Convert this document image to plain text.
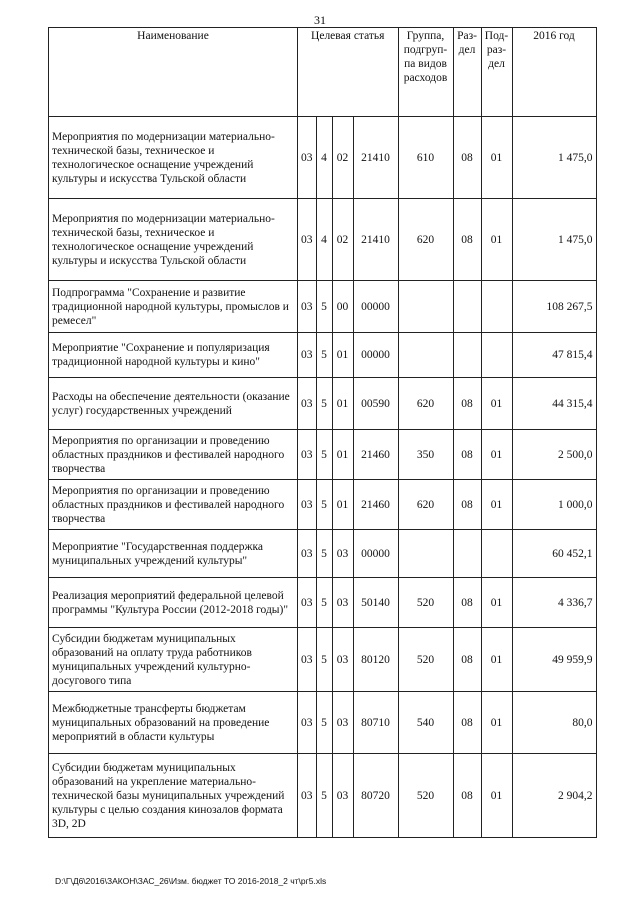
31
Наименование	Целевая статья				Группа, подгруп- па видов расходов	Раз- дел	Под- раз- дел	2016 год
Мероприятия по модернизации материально-технической базы, техническое и технологическое оснащение учреждений культуры и искусства Тульской области	03	4	02	21410	610	08	01	1 475,0
Мероприятия по модернизации материально-технической базы, техническое и технологическое оснащение учреждений культуры и искусства Тульской области	03	4	02	21410	620	08	01	1 475,0
Подпрограмма "Сохранение и развитие традиционной народной культуры, промыслов и ремесел"	03	5	00	00000				108 267,5
Мероприятие "Сохранение и популяризация традиционной народной культуры и кино"	03	5	01	00000				47 815,4
Расходы на обеспечение деятельности (оказание услуг) государственных учреждений	03	5	01	00590	620	08	01	44 315,4
Мероприятия по организации и проведению областных праздников и фестивалей народного творчества	03	5	01	21460	350	08	01	2 500,0
Мероприятия по организации и проведению областных праздников и фестивалей народного творчества	03	5	01	21460	620	08	01	1 000,0
Мероприятие "Государственная поддержка муниципальных учреждений культуры"	03	5	03	00000				60 452,1
Реализация мероприятий федеральной целевой программы "Культура России (2012-2018 годы)"	03	5	03	50140	520	08	01	4 336,7
Субсидии бюджетам муниципальных образований на оплату труда работников муниципальных учреждений культурно-досугового типа	03	5	03	80120	520	08	01	49 959,9
Межбюджетные трансферты бюджетам муниципальных образований на проведение мероприятий в области культуры	03	5	03	80710	540	08	01	80,0
Субсидии бюджетам муниципальных образований на укрепление материально-технической базы муниципальных учреждений культуры с целью создания кинозалов формата 3D, 2D	03	5	03	80720	520	08	01	2 904,2
D:\Г\Д6\2016\ЗАКОН\ЗАС_26\Изм. бюджет ТО 2016-2018_2 чт\рг5.xls
